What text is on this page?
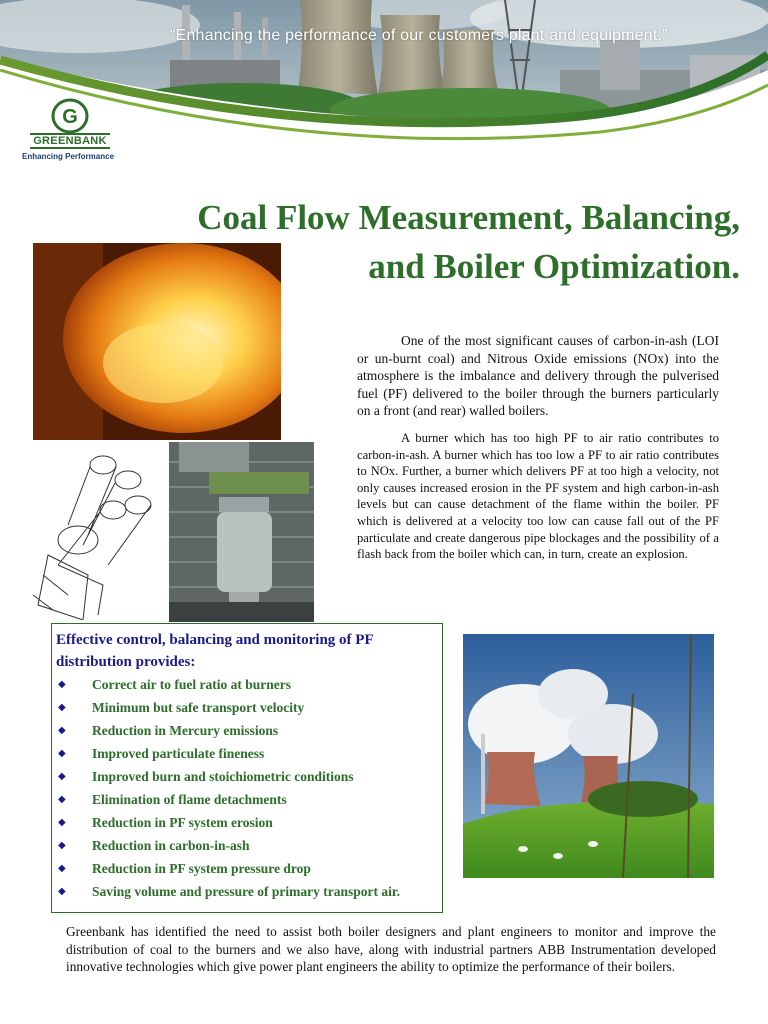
“Enhancing the performance of our customers plant and equipment.”
G
GREENBANK
Enhancing Performance
Coal Flow Measurement, Balancing,
and Boiler Optimization.
One of the most significant causes of carbon-in-ash (LOI or un-burnt coal) and Nitrous Oxide emissions (NOx) into the atmosphere is the imbalance and delivery through the pulverised fuel (PF) delivered to the boiler through the burners particularly on a front (and rear) walled boilers.
A burner which has too high PF to air ratio contributes to carbon-in-ash. A burner which has too low a PF to air ratio contributes to NOx. Further, a burner which delivers PF at too high a velocity, not only causes increased erosion in the PF system and high carbon-in-ash levels but can cause detachment of the flame within the boiler. PF which is delivered at a velocity too low can cause fall out of the PF particulate and create dangerous pipe blockages and the possibility of a flash back from the boiler which can, in turn, create an explosion.
Effective control, balancing and monitoring of PF distribution provides:
◆	Correct air to fuel ratio at burners
◆	Minimum but safe transport velocity
◆	Reduction in Mercury emissions
◆	Improved particulate fineness
◆	Improved burn and stoichiometric conditions
◆	Elimination of flame detachments
◆	Reduction in PF system erosion
◆	Reduction in carbon-in-ash
◆	Reduction in PF system pressure drop
◆	Saving volume and pressure of primary transport air.
Greenbank has identified the need to assist both boiler designers and plant engineers to monitor and improve the distribution of coal to the burners and we also have, along with industrial partners ABB Instrumentation developed innovative technologies which give power plant engineers the ability to optimize the performance of their boilers.
